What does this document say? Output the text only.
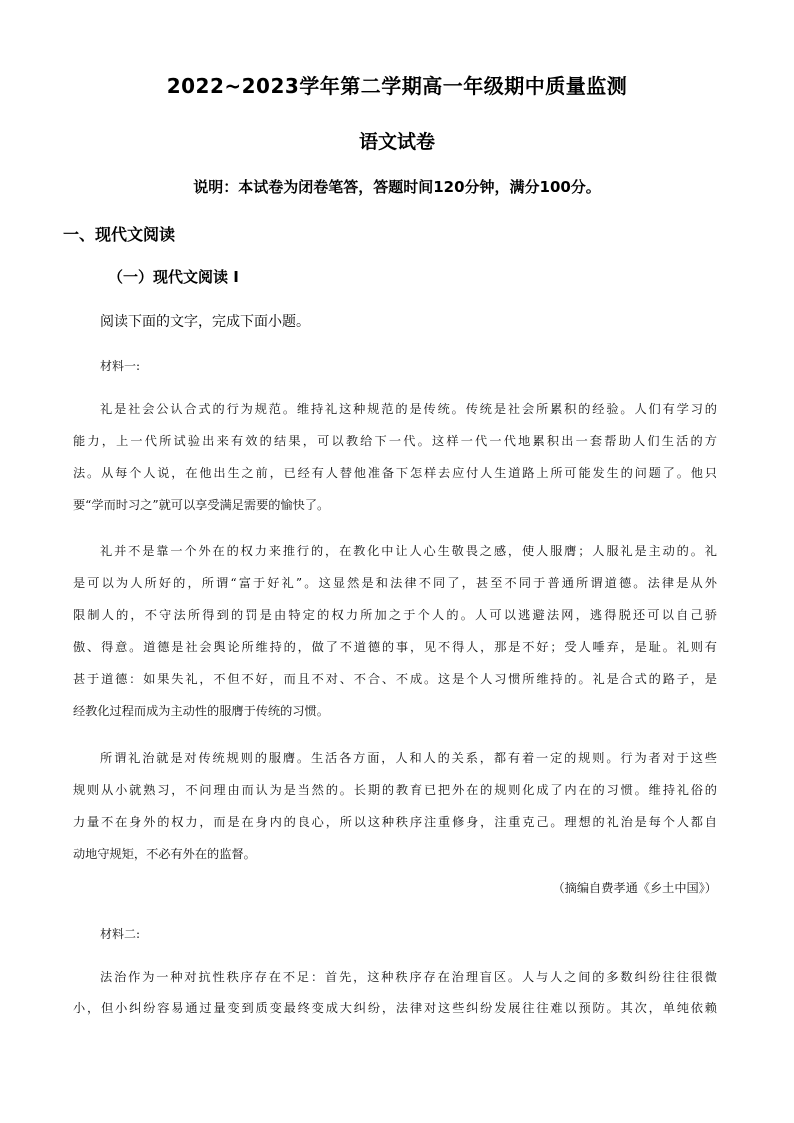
2022~2023学年第二学期高一年级期中质量监测
语文试卷
说明：本试卷为闭卷笔答，答题时间120分钟，满分100分。
一、现代文阅读
（一）现代文阅读 I
阅读下面的文字，完成下面小题。
材料一:
礼是社会公认合式的行为规范。维持礼这种规范的是传统。传统是社会所累积的经验。人们有学习的
能力，上一代所试验出来有效的结果，可以教给下一代。这样一代一代地累积出一套帮助人们生活的方
法。从每个人说，在他出生之前，已经有人替他准备下怎样去应付人生道路上所可能发生的问题了。他只
要“学而时习之”就可以享受满足需要的愉快了。
礼并不是靠一个外在的权力来推行的，在教化中让人心生敬畏之感，使人服膺；人服礼是主动的。礼
是可以为人所好的，所谓“富于好礼”。这显然是和法律不同了，甚至不同于普通所谓道德。法律是从外
限制人的，不守法所得到的罚是由特定的权力所加之于个人的。人可以逃避法网，逃得脱还可以自己骄
傲、得意。道德是社会舆论所维持的，做了不道德的事，见不得人，那是不好；受人唾弃，是耻。礼则有
甚于道德：如果失礼，不但不好，而且不对、不合、不成。这是个人习惯所维持的。礼是合式的路子，是
经教化过程而成为主动性的服膺于传统的习惯。
所谓礼治就是对传统规则的服膺。生活各方面，人和人的关系，都有着一定的规则。行为者对于这些
规则从小就熟习，不问理由而认为是当然的。长期的教育已把外在的规则化成了内在的习惯。维持礼俗的
力量不在身外的权力，而是在身内的良心，所以这种秩序注重修身，注重克己。理想的礼治是每个人都自
动地守规矩，不必有外在的监督。
（摘编自费孝通《乡土中国》）
材料二:
法治作为一种对抗性秩序存在不足：首先，这种秩序存在治理盲区。人与人之间的多数纠纷往往很微
小，但小纠纷容易通过量变到质变最终变成大纠纷，法律对这些纠纷发展往往难以预防。其次，单纯依赖
